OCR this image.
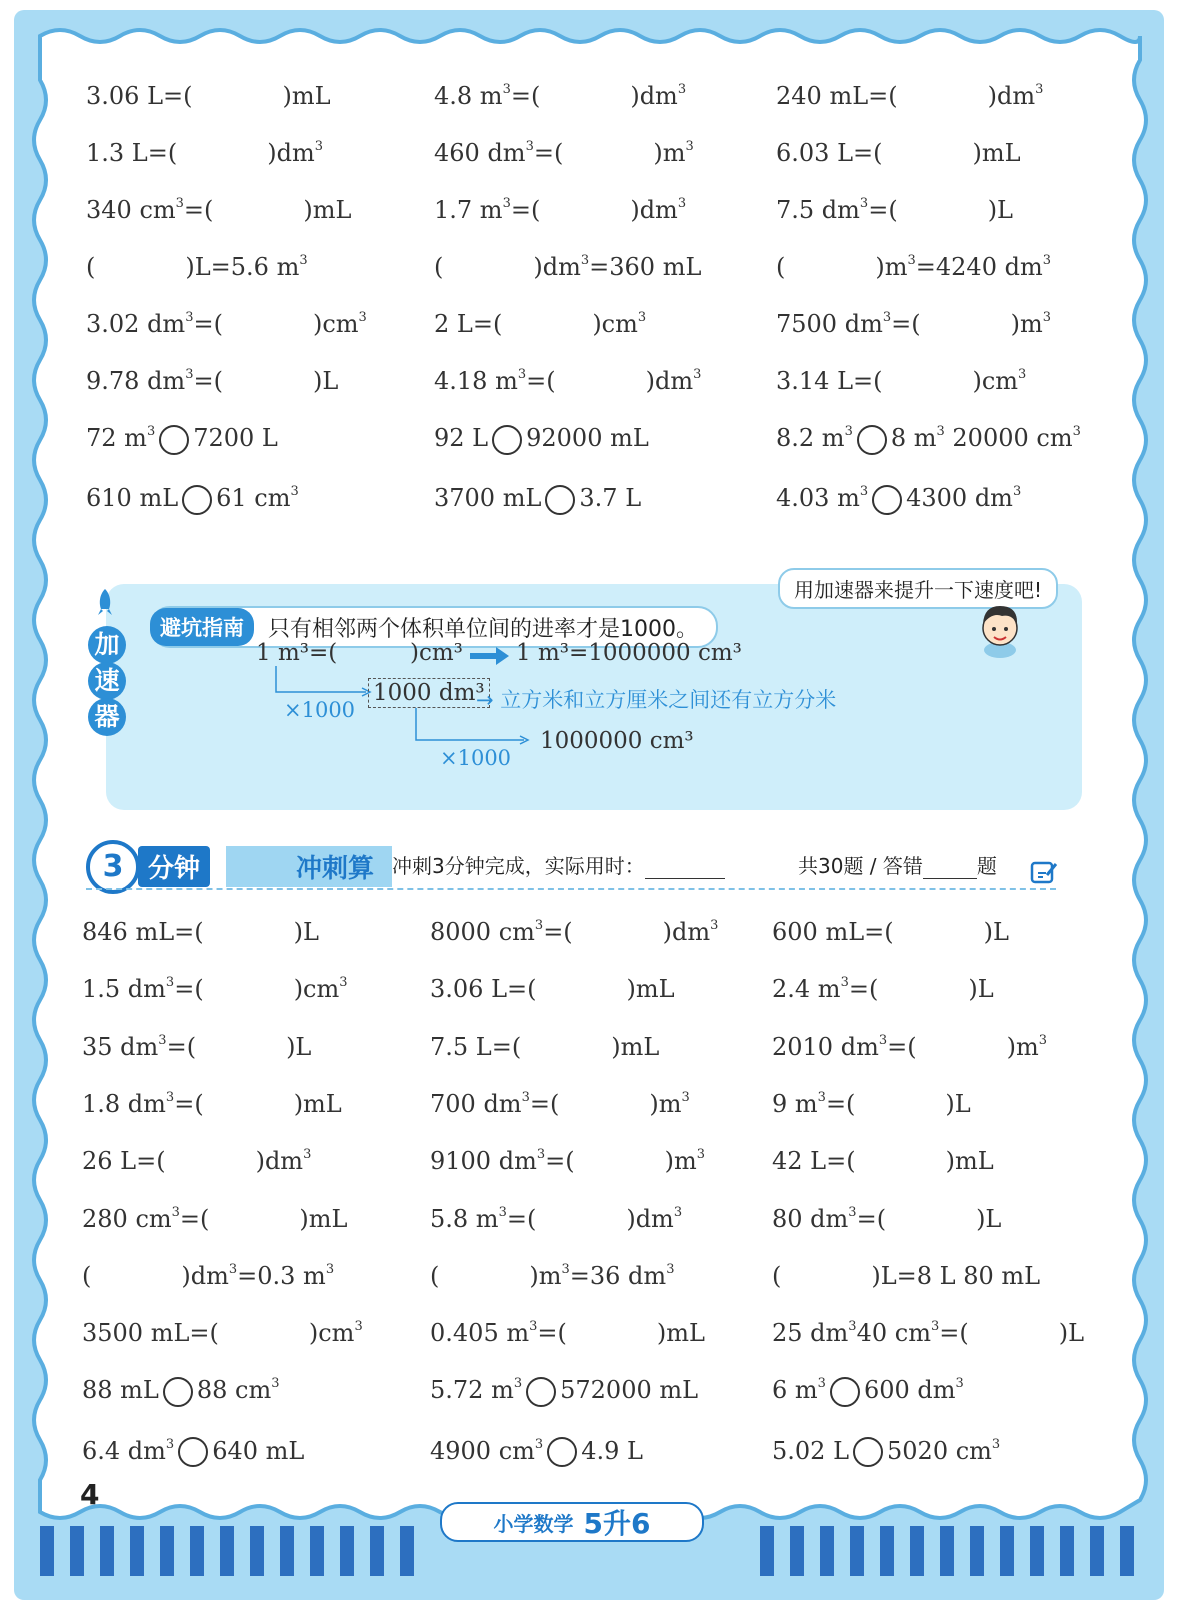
3.06 L=(	)mL	4.8 $m^3=$(	)$dm^3$	240 mL=(	)$dm^3$
1.3 L=(	)$dm^3$	460 $dm^3=$(	)$m^3$	6.03 L=(	)mL
340 $cm^3=$(	)mL	1.7 $m^3=$(	)$dm^3$	7.5 $dm^3=$(	)L
(	)L=5.6 $m^3$	(	)$dm^3=360$ mL	(	)$m^3=4240$ $dm^3$
3.02 $dm^3=$(	)$cm^3$	2 L=(	)$cm^3$	7500 $dm^3=$(	)$m^3$
9.78 $dm^3=$(	)L	4.18 $m^3=$(	)$dm^3$	3.14 L=(	)$cm^3$
72 $m^3$ 7200 L	92 L 92000 mL	8.2 $m^3$ 8 $m^3$ 20000 $cm^3$
610 mL 61 $cm^3$	3700 mL 3.7 L	4.03 $m^3$ 4300 $dm^3$
加
速
器
用加速器来提升一下速度吧!
避坑指南	只有相邻两个体积单位间的进率才是1000。
1 m³=(	)cm³ 1 m³=1000000 cm³
1000 dm³
→ 立方米和立方厘米之间还有立方分米
×1000
1000000 cm³
×1000
3	冲刺算
分钟	冲刺3分钟完成，实际用时：	共30题 / 答错	题
846 mL=(	)L	8000 $cm^3=$(	)$dm^3$ 600 mL=(	)L
1.5 $dm^3=$(	)$cm^3$	3.06 L=(	)mL	2.4 $m^3=$(	)L
35 $dm^3=$(	)L	7.5 L=(	)mL	2010 $dm^3=$(	)$m^3$
1.8 $dm^3=$(	)mL	700 $dm^3=$(	)$m^3$	9 $m^3=$(	)L
26 L=(	)$dm^3$	9100 $dm^3=$(	)$m^3$	42 L=(	)mL
280 $cm^3=$(	)mL	5.8 $m^3=$(	)$dm^3$	80 $dm^3=$(	)L
(	)$dm^3=0.3$ $m^3$	(	)$m^3=36$ $dm^3$	(	)L=8 L 80 mL
3500 mL=(	)$cm^3$	0.405 $m^3=$(	)mL	25 $dm^340$ $cm^3=$(	)L
88 mL 88 $cm^3$	5.72 $m^3$ 572000 mL	6 $m^3$ 600 $dm^3$
6.4 $dm^3$ 640 mL	4900 $cm^3$ 4.9 L	5.02 L 5020 $cm^3$
4
小学数学 5升6
